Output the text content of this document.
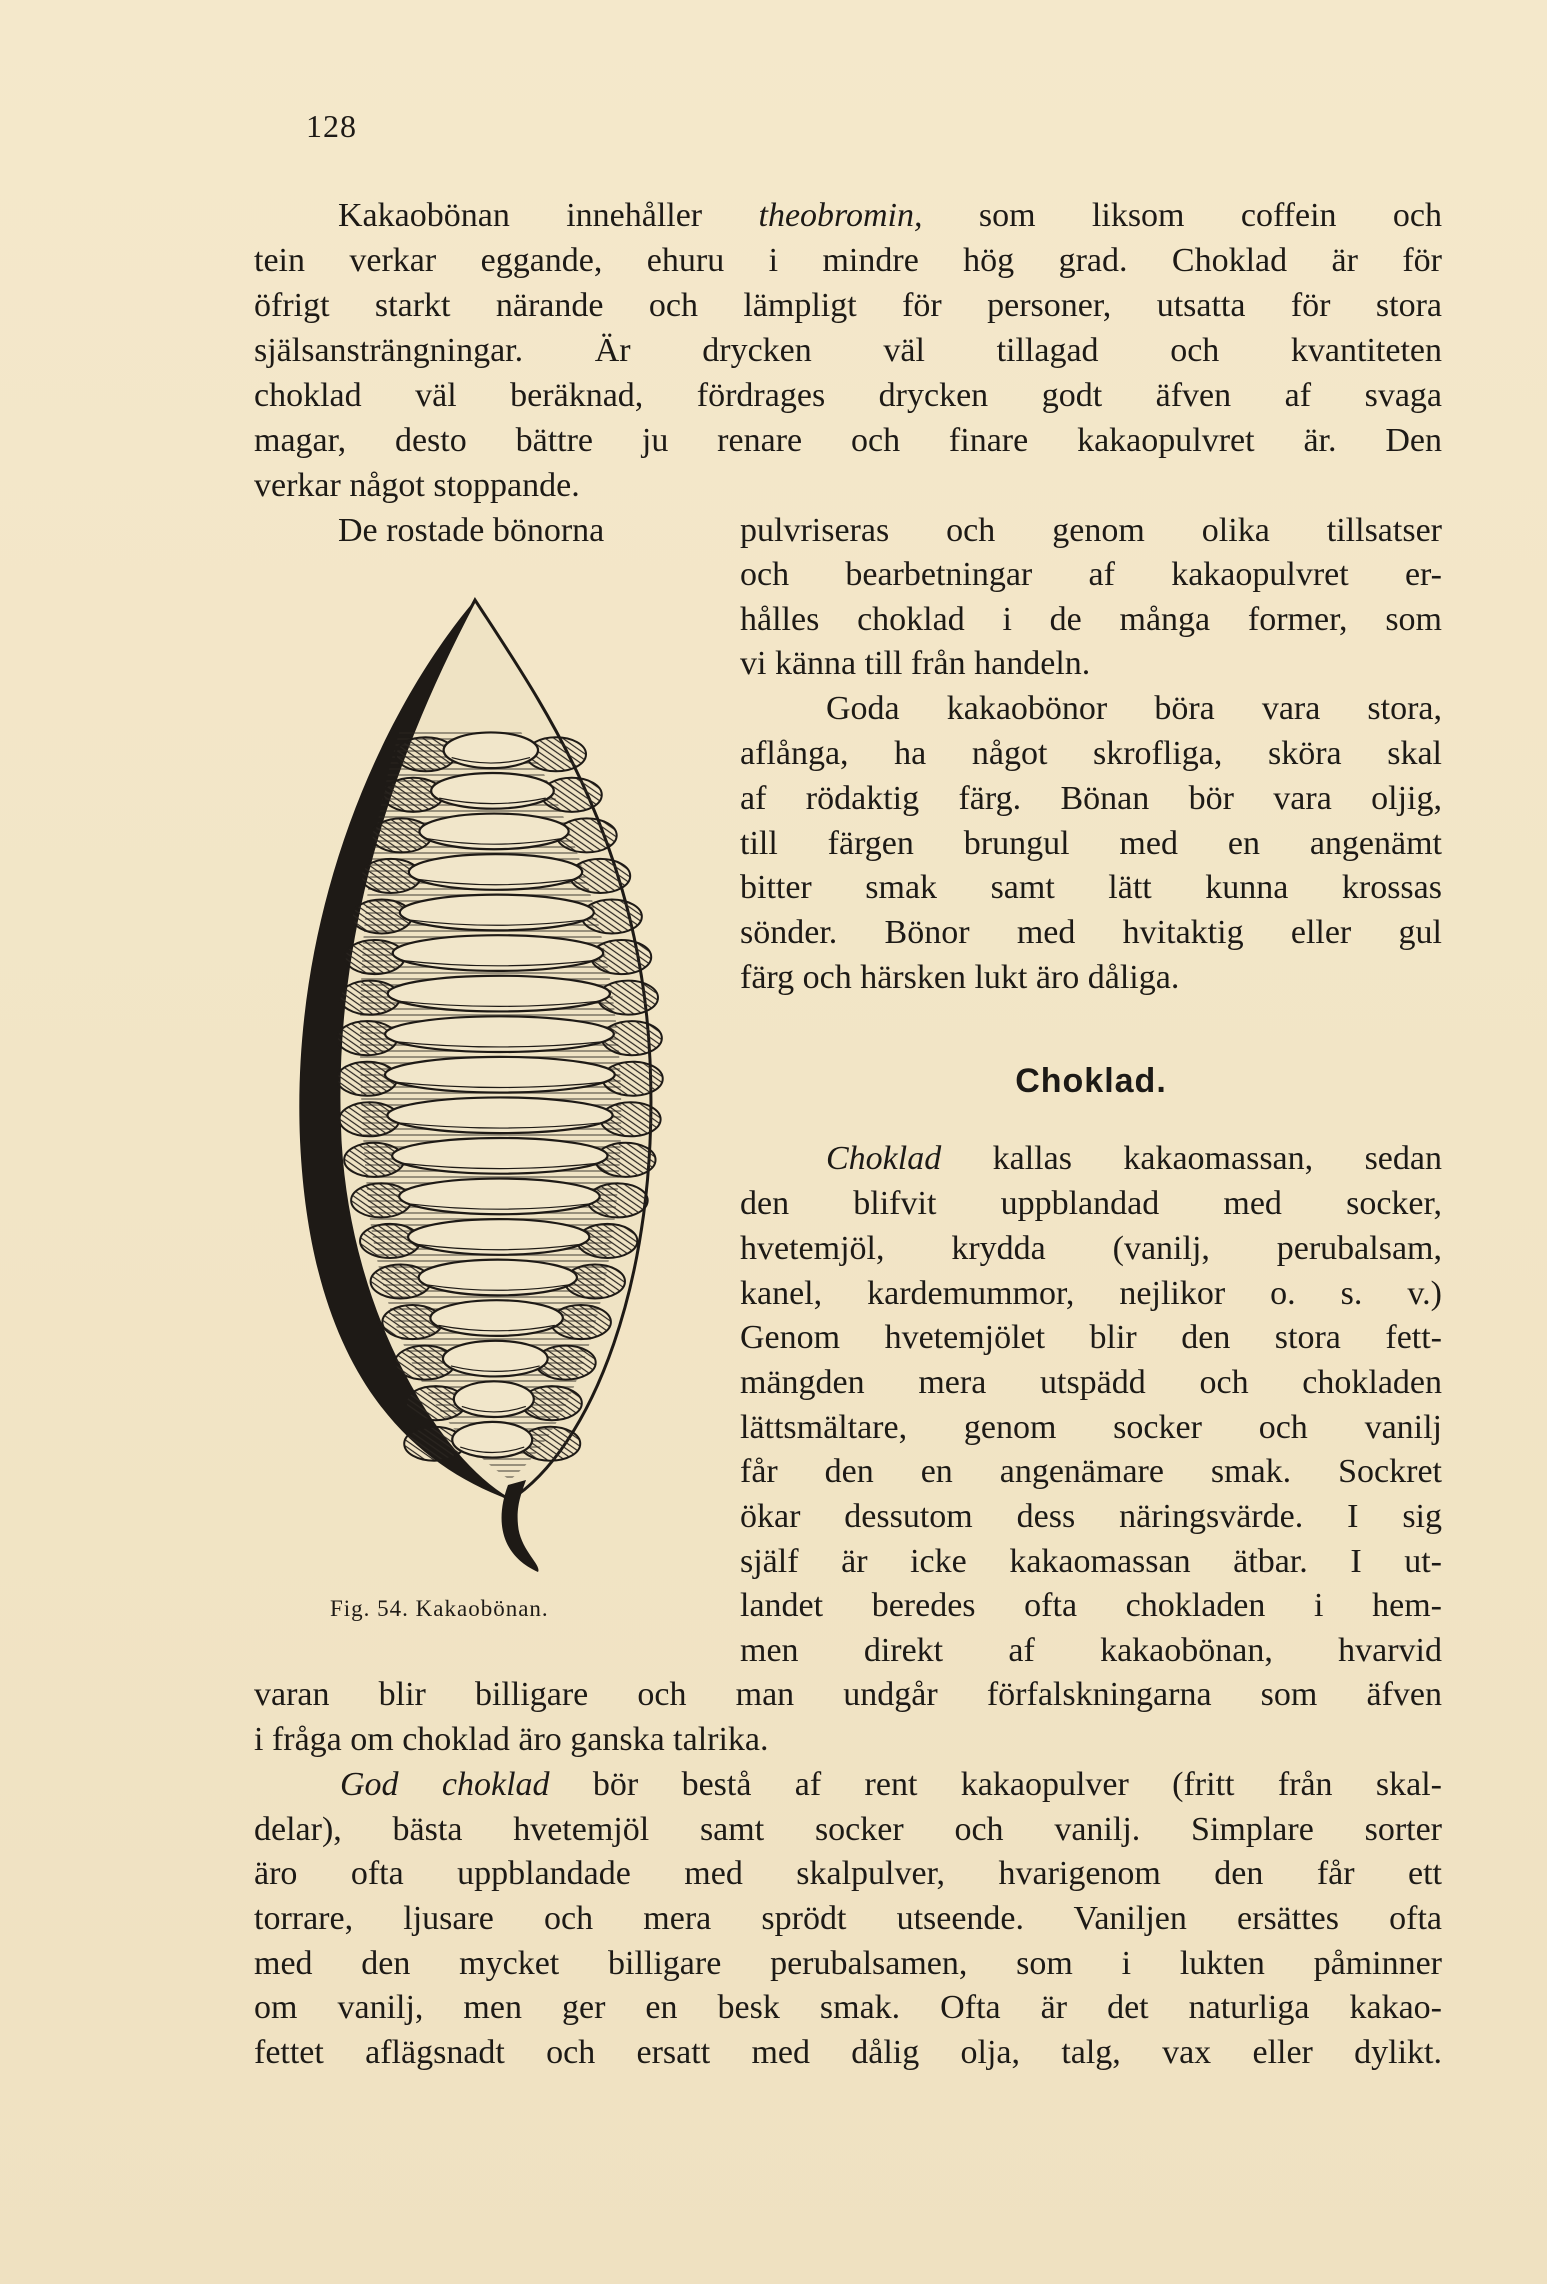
128
Kakaobönan innehåller theobromin, som liksom coffein och
tein verkar eggande, ehuru i mindre hög grad. Choklad är för
öfrigt starkt närande och lämpligt för personer, utsatta för stora
själsansträngningar. Är drycken väl tillagad och kvantiteten
choklad väl beräknad, fördrages drycken godt äfven af svaga
magar, desto bättre ju renare och finare kakaopulvret är. Den
verkar något stoppande.
De rostade bönorna	pulvriseras och genom olika tillsatser
och bearbetningar af kakaopulvret er-
hålles choklad i de många former, som
vi känna till från handeln.
Goda kakaobönor böra vara stora,
aflånga, ha något skrofliga, sköra skal
af rödaktig färg. Bönan bör vara oljig,
till färgen brungul med en angenämt
bitter smak samt lätt kunna krossas
sönder. Bönor med hvitaktig eller gul
färg och härsken lukt äro dåliga.
Choklad.
Choklad kallas kakaomassan, sedan
den blifvit uppblandad med socker,
hvetemjöl, krydda (vanilj, perubalsam,
kanel, kardemummor, nejlikor o. s. v.)
Genom hvetemjölet blir den stora fett-
mängden mera utspädd och chokladen
lättsmältare, genom socker och vanilj
får den en angenämare smak. Sockret
ökar dessutom dess näringsvärde. I sig
själf är icke kakaomassan ätbar. I ut-
landet beredes ofta chokladen i hem-
men direkt af kakaobönan, hvarvid
varan blir billigare och man undgår förfalskningarna som äfven
i fråga om choklad äro ganska talrika.
God choklad bör bestå af rent kakaopulver (fritt från skal-
delar), bästa hvetemjöl samt socker och vanilj. Simplare sorter
äro ofta uppblandade med skalpulver, hvarigenom den får ett
torrare, ljusare och mera sprödt utseende. Vaniljen ersättes ofta
med den mycket billigare perubalsamen, som i lukten påminner
om vanilj, men ger en besk smak. Ofta är det naturliga kakao-
fettet aflägsnadt och ersatt med dålig olja, talg, vax eller dylikt.
Fig. 54. Kakaobönan.
